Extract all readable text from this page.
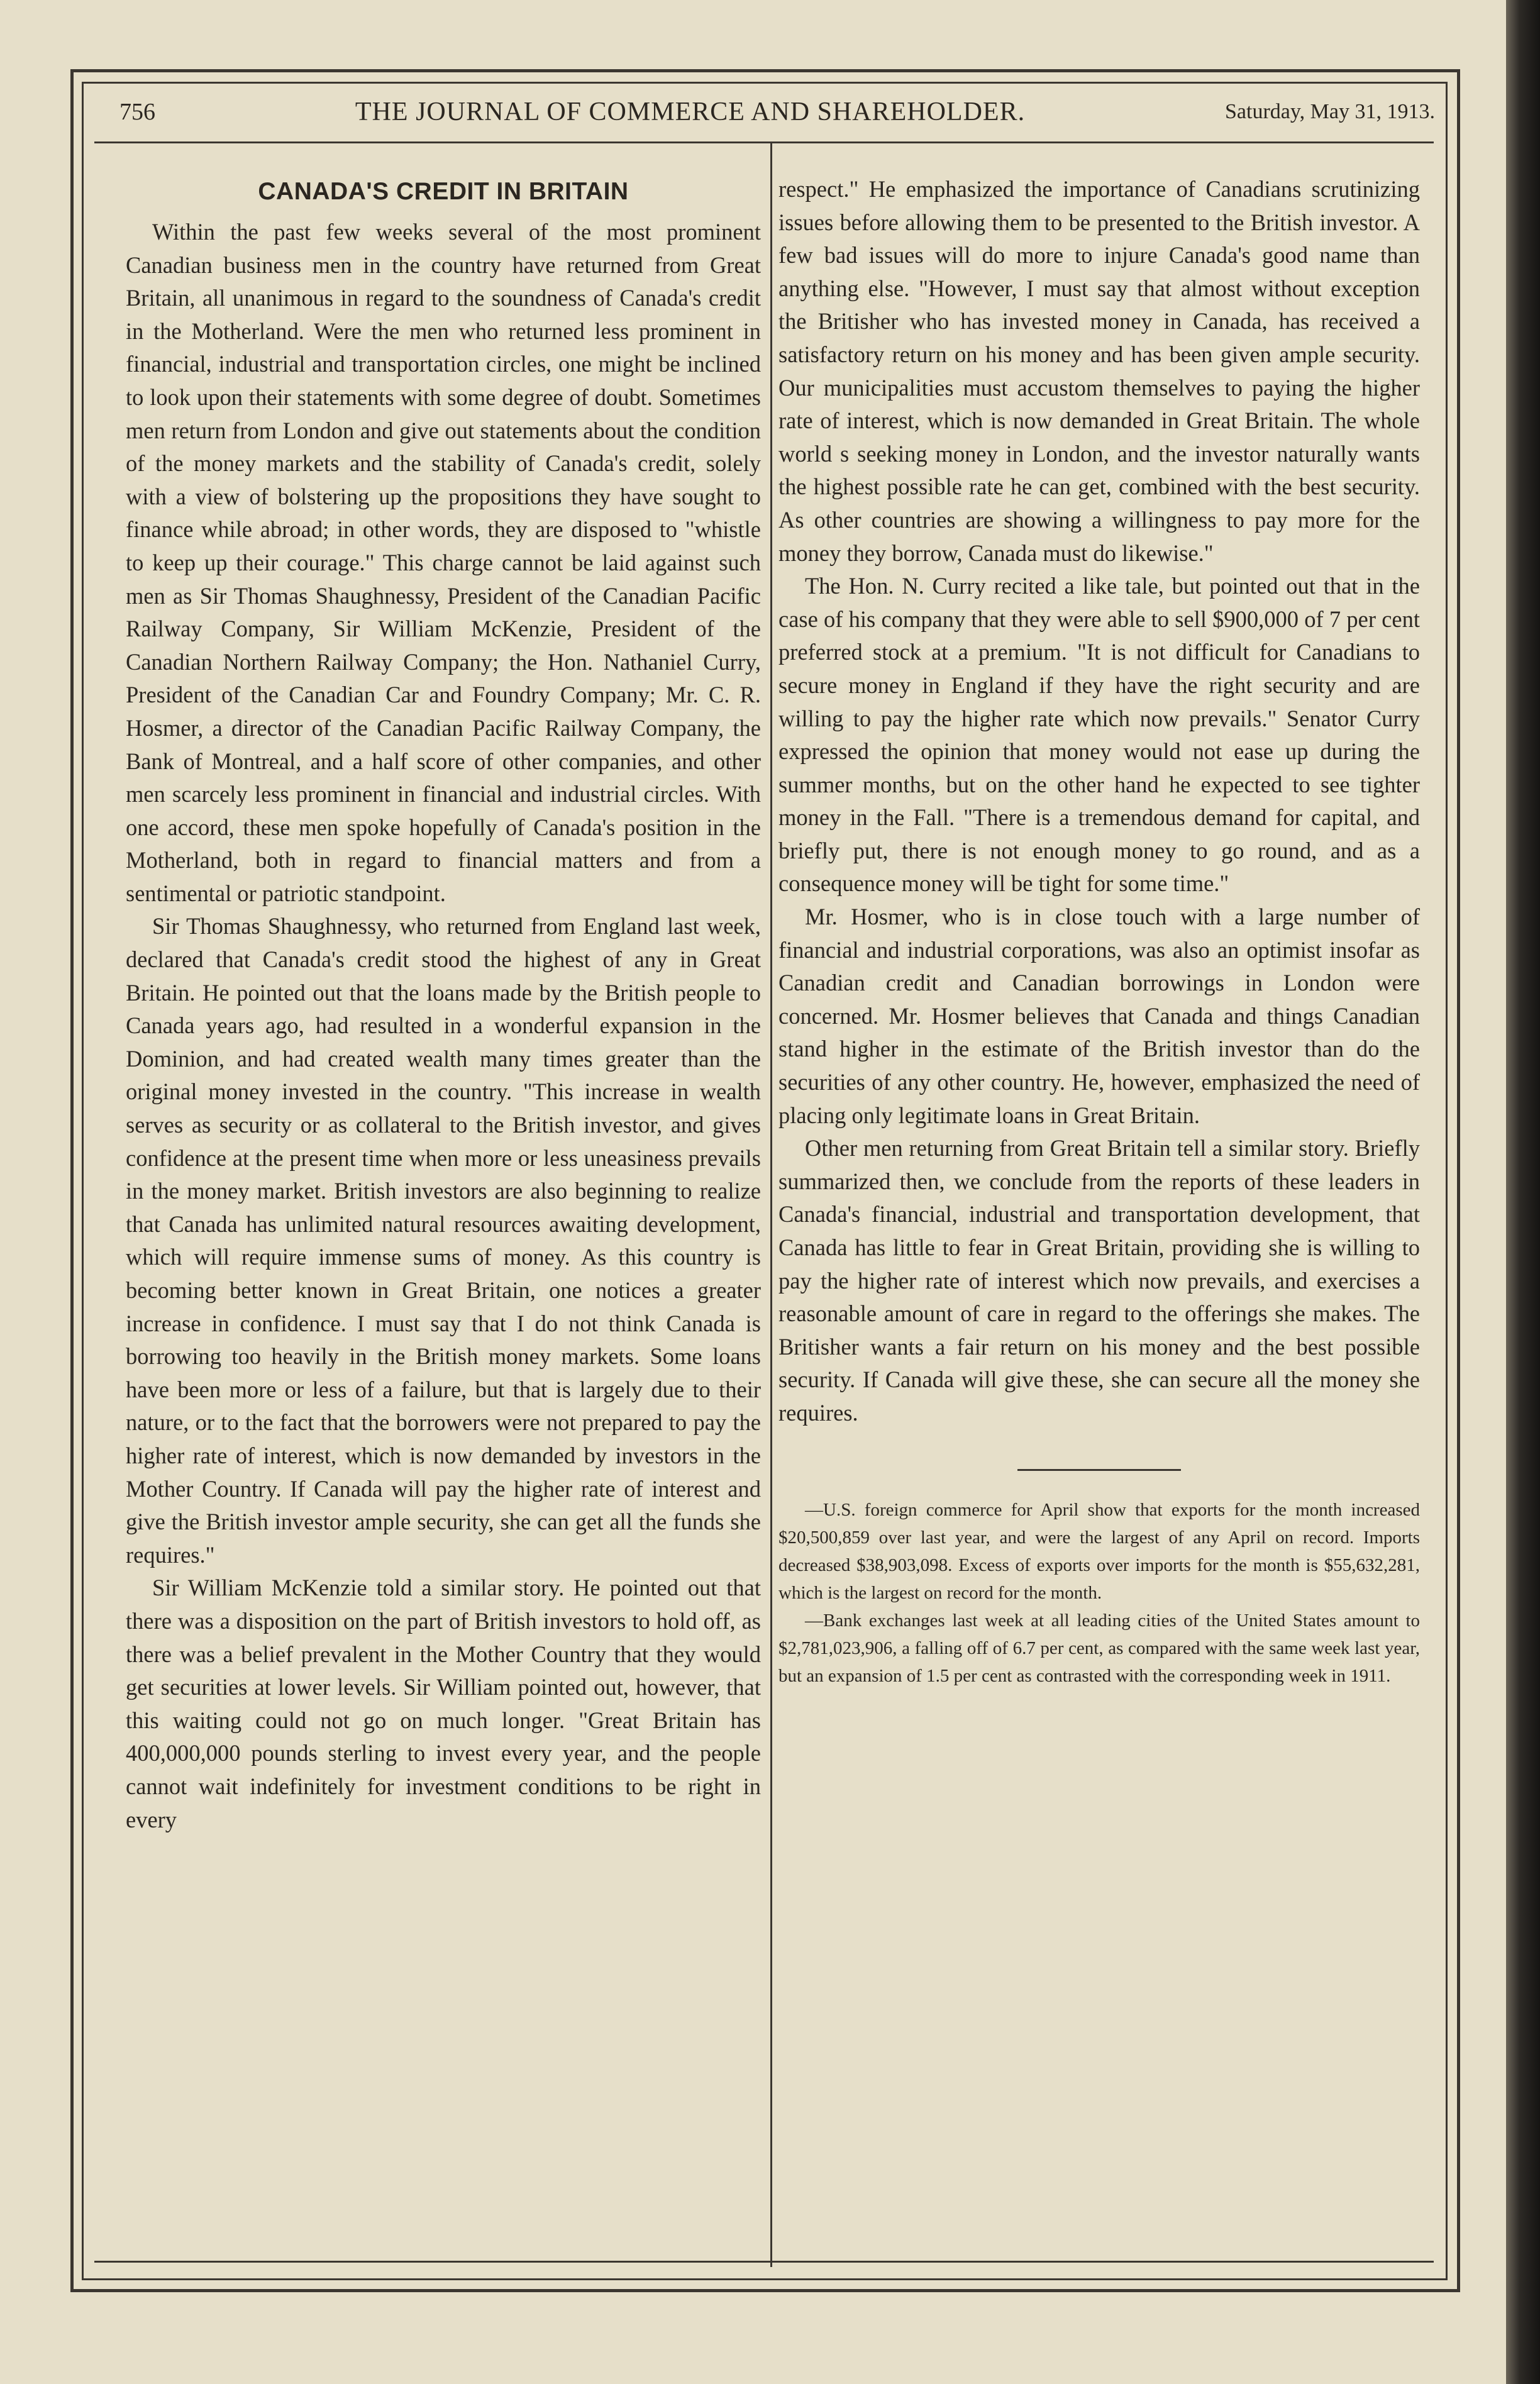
756	THE JOURNAL OF COMMERCE AND SHAREHOLDER.	Saturday, May 31, 1913.
CANADA'S CREDIT IN BRITAIN

Within the past few weeks several of the most prominent Canadian business men in the country have returned from Great Britain, all unanimous in regard to the soundness of Canada's credit in the Motherland. Were the men who returned less prominent in financial, industrial and transportation circles, one might be inclined to look upon their statements with some degree of doubt. Sometimes men return from London and give out statements about the condition of the money markets and the stability of Canada's credit, solely with a view of bolstering up the propositions they have sought to finance while abroad; in other words, they are disposed to "whistle to keep up their courage." This charge cannot be laid against such men as Sir Thomas Shaughnessy, President of the Canadian Pacific Railway Company, Sir William McKenzie, President of the Canadian Northern Railway Company; the Hon. Nathaniel Curry, President of the Canadian Car and Foundry Company; Mr. C. R. Hosmer, a director of the Canadian Pacific Railway Company, the Bank of Montreal, and a half score of other companies, and other men scarcely less prominent in financial and industrial circles. With one accord, these men spoke hopefully of Canada's position in the Motherland, both in regard to financial matters and from a sentimental or patriotic standpoint.

Sir Thomas Shaughnessy, who returned from England last week, declared that Canada's credit stood the highest of any in Great Britain. He pointed out that the loans made by the British people to Canada years ago, had resulted in a wonderful expansion in the Dominion, and had created wealth many times greater than the original money invested in the country. "This increase in wealth serves as security or as collateral to the British investor, and gives confidence at the present time when more or less uneasiness prevails in the money market. British investors are also beginning to realize that Canada has unlimited natural resources awaiting development, which will require immense sums of money. As this country is becoming better known in Great Britain, one notices a greater increase in confidence. I must say that I do not think Canada is borrowing too heavily in the British money markets. Some loans have been more or less of a failure, but that is largely due to their nature, or to the fact that the borrowers were not prepared to pay the higher rate of interest, which is now demanded by investors in the Mother Country. If Canada will pay the higher rate of interest and give the British investor ample security, she can get all the funds she requires."

Sir William McKenzie told a similar story. He pointed out that there was a disposition on the part of British investors to hold off, as there was a belief prevalent in the Mother Country that they would get securities at lower levels. Sir William pointed out, however, that this waiting could not go on much longer. "Great Britain has 400,000,000 pounds sterling to invest every year, and the people cannot wait indefinitely for investment conditions to be right in every

respect." He emphasized the importance of Canadians scrutinizing issues before allowing them to be presented to the British investor. A few bad issues will do more to injure Canada's good name than anything else. "However, I must say that almost without exception the Britisher who has invested money in Canada, has received a satisfactory return on his money and has been given ample security. Our municipalities must accustom themselves to paying the higher rate of interest, which is now demanded in Great Britain. The whole world s seeking money in London, and the investor naturally wants the highest possible rate he can get, combined with the best security. As other countries are showing a willingness to pay more for the money they borrow, Canada must do likewise."

The Hon. N. Curry recited a like tale, but pointed out that in the case of his company that they were able to sell $900,000 of 7 per cent preferred stock at a premium. "It is not difficult for Canadians to secure money in England if they have the right security and are willing to pay the higher rate which now prevails." Senator Curry expressed the opinion that money would not ease up during the summer months, but on the other hand he expected to see tighter money in the Fall. "There is a tremendous demand for capital, and briefly put, there is not enough money to go round, and as a consequence money will be tight for some time."

Mr. Hosmer, who is in close touch with a large number of financial and industrial corporations, was also an optimist insofar as Canadian credit and Canadian borrowings in London were concerned. Mr. Hosmer believes that Canada and things Canadian stand higher in the estimate of the British investor than do the securities of any other country. He, however, emphasized the need of placing only legitimate loans in Great Britain.

Other men returning from Great Britain tell a similar story. Briefly summarized then, we conclude from the reports of these leaders in Canada's financial, industrial and transportation development, that Canada has little to fear in Great Britain, providing she is willing to pay the higher rate of interest which now prevails, and exercises a reasonable amount of care in regard to the offerings she makes. The Britisher wants a fair return on his money and the best possible security. If Canada will give these, she can secure all the money she requires.

—U.S. foreign commerce for April show that exports for the month increased $20,500,859 over last year, and were the largest of any April on record. Imports decreased $38,903,098. Excess of exports over imports for the month is $55,632,281, which is the largest on record for the month.

—Bank exchanges last week at all leading cities of the United States amount to $2,781,023,906, a falling off of 6.7 per cent, as compared with the same week last year, but an expansion of 1.5 per cent as contrasted with the corresponding week in 1911.
